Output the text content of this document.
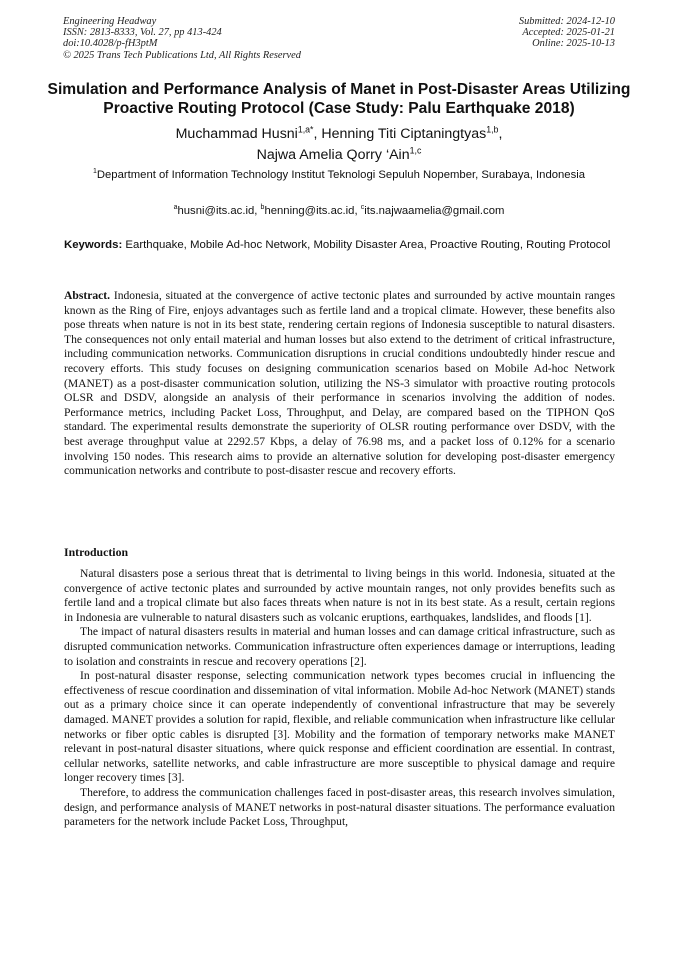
Engineering Headway
ISSN: 2813-8333, Vol. 27, pp 413-424
doi:10.4028/p-fH3ptM
© 2025 Trans Tech Publications Ltd, All Rights Reserved
Submitted: 2024-12-10
Accepted: 2025-01-21
Online: 2025-10-13
Simulation and Performance Analysis of Manet in Post-Disaster Areas Utilizing Proactive Routing Protocol (Case Study: Palu Earthquake 2018)
Muchammad Husni$^{1,a*}$, Henning Titi Ciptaningtyas$^{1,b}$,
Najwa Amelia Qorry ‘Ain$^{1,c}$
$^1$Department of Information Technology Institut Teknologi Sepuluh Nopember, Surabaya, Indonesia
$^a$husni@its.ac.id, $^b$henning@its.ac.id, $^c$its.najwaamelia@gmail.com
Keywords: Earthquake, Mobile Ad-hoc Network, Mobility Disaster Area, Proactive Routing, Routing Protocol
Abstract. Indonesia, situated at the convergence of active tectonic plates and surrounded by active mountain ranges known as the Ring of Fire, enjoys advantages such as fertile land and a tropical climate. However, these benefits also pose threats when nature is not in its best state, rendering certain regions of Indonesia susceptible to natural disasters. The consequences not only entail material and human losses but also extend to the detriment of critical infrastructure, including communication networks. Communication disruptions in crucial conditions undoubtedly hinder rescue and recovery efforts. This study focuses on designing communication scenarios based on Mobile Ad-hoc Network (MANET) as a post-disaster communication solution, utilizing the NS-3 simulator with proactive routing protocols OLSR and DSDV, alongside an analysis of their performance in scenarios involving the addition of nodes. Performance metrics, including Packet Loss, Throughput, and Delay, are compared based on the TIPHON QoS standard. The experimental results demonstrate the superiority of OLSR routing performance over DSDV, with the best average throughput value at 2292.57 Kbps, a delay of 76.98 ms, and a packet loss of 0.12% for a scenario involving 150 nodes. This research aims to provide an alternative solution for developing post-disaster emergency communication networks and contribute to post-disaster rescue and recovery efforts.
Introduction

Natural disasters pose a serious threat that is detrimental to living beings in this world. Indonesia, situated at the convergence of active tectonic plates and surrounded by active mountain ranges, not only provides benefits such as fertile land and a tropical climate but also faces threats when nature is not in its best state. As a result, certain regions in Indonesia are vulnerable to natural disasters such as volcanic eruptions, earthquakes, landslides, and floods [1].

The impact of natural disasters results in material and human losses and can damage critical infrastructure, such as disrupted communication networks. Communication infrastructure often experiences damage or interruptions, leading to isolation and constraints in rescue and recovery operations [2].

In post-natural disaster response, selecting communication network types becomes crucial in influencing the effectiveness of rescue coordination and dissemination of vital information. Mobile Ad-hoc Network (MANET) stands out as a primary choice since it can operate independently of conventional infrastructure that may be severely damaged. MANET provides a solution for rapid, flexible, and reliable communication when infrastructure like cellular networks or fiber optic cables is disrupted [3]. Mobility and the formation of temporary networks make MANET relevant in post-natural disaster situations, where quick response and efficient coordination are essential. In contrast, cellular networks, satellite networks, and cable infrastructure are more susceptible to physical damage and require longer recovery times [3].

Therefore, to address the communication challenges faced in post-disaster areas, this research involves simulation, design, and performance analysis of MANET networks in post-natural disaster situations. The performance evaluation parameters for the network include Packet Loss, Throughput,
